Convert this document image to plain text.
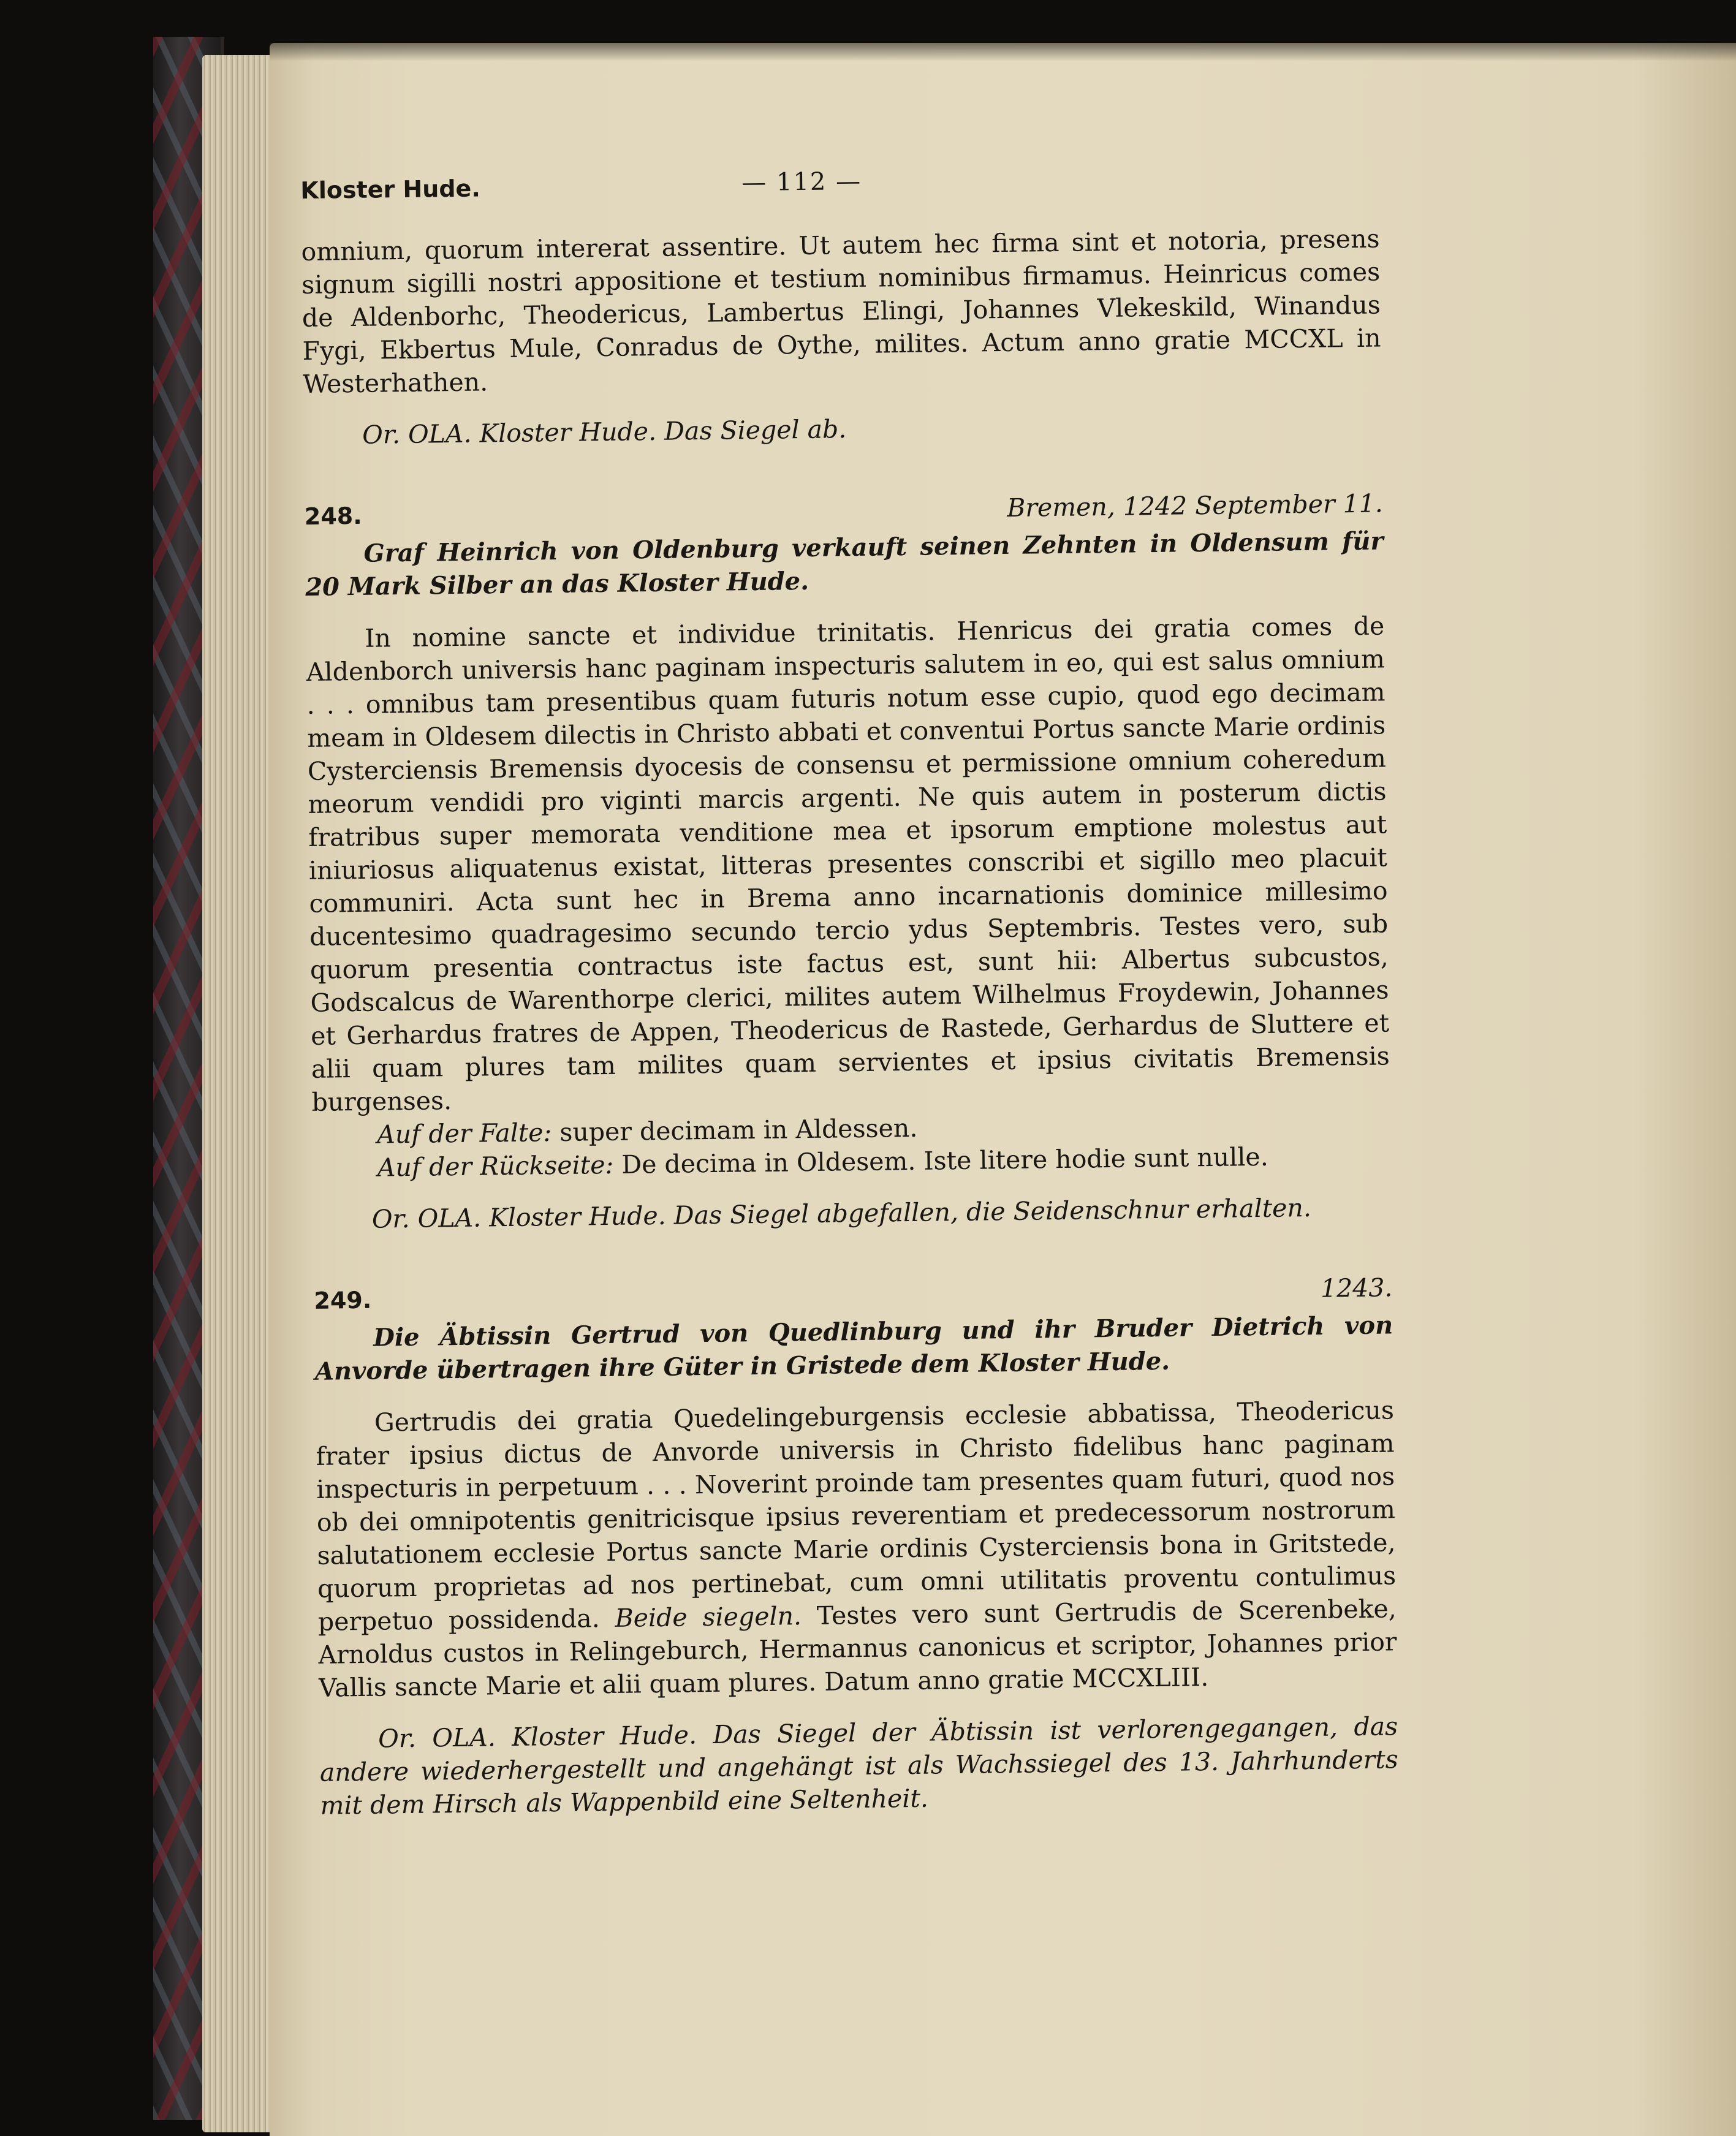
Kloster Hude.	— 112 —

omnium, quorum intererat assentire. Ut autem hec firma sint et notoria, presens signum sigilli nostri appositione et testium nominibus firmamus. Heinricus comes de Aldenborhc, Theodericus, Lambertus Elingi, Johannes Vlekeskild, Winandus Fygi, Ekbertus Mule, Conradus de Oythe, milites. Actum anno gratie MCCXL in Westerhathen.

Or. OLA. Kloster Hude. Das Siegel ab.

248.	Bremen, 1242 September 11.

Graf Heinrich von Oldenburg verkauft seinen Zehnten in Oldensum für 20 Mark Silber an das Kloster Hude.

In nomine sancte et individue trinitatis. Henricus dei gratia comes de Aldenborch universis hanc paginam inspecturis salutem in eo, qui est salus omnium . . . omnibus tam presentibus quam futuris notum esse cupio, quod ego decimam meam in Oldesem dilectis in Christo abbati et conventui Portus sancte Marie ordinis Cysterciensis Bremensis dyocesis de consensu et permissione omnium coheredum meorum vendidi pro viginti marcis argenti. Ne quis autem in posterum dictis fratribus super memorata venditione mea et ipsorum emptione molestus aut iniuriosus aliquatenus existat, litteras presentes conscribi et sigillo meo placuit communiri. Acta sunt hec in Brema anno incarnationis dominice millesimo ducentesimo quadragesimo secundo tercio ydus Septembris. Testes vero, sub quorum presentia contractus iste factus est, sunt hii: Albertus subcustos, Godscalcus de Warenthorpe clerici, milites autem Wilhelmus Froydewin, Johannes et Gerhardus fratres de Appen, Theodericus de Rastede, Gerhardus de Sluttere et alii quam plures tam milites quam servientes et ipsius civitatis Bremensis burgenses.

Auf der Falte: super decimam in Aldessen.

Auf der Rückseite: De decima in Oldesem. Iste litere hodie sunt nulle.

Or. OLA. Kloster Hude. Das Siegel abgefallen, die Seidenschnur erhalten.

249.	1243.

Die Äbtissin Gertrud von Quedlinburg und ihr Bruder Dietrich von Anvorde übertragen ihre Güter in Gristede dem Kloster Hude.

Gertrudis dei gratia Quedelingeburgensis ecclesie abbatissa, Theodericus frater ipsius dictus de Anvorde universis in Christo fidelibus hanc paginam inspecturis in perpetuum . . . Noverint proinde tam presentes quam futuri, quod nos ob dei omnipotentis genitricisque ipsius reverentiam et predecessorum nostrorum salutationem ecclesie Portus sancte Marie ordinis Cysterciensis bona in Gritstede, quorum proprietas ad nos pertinebat, cum omni utilitatis proventu contulimus perpetuo possidenda. Beide siegeln. Testes vero sunt Gertrudis de Scerenbeke, Arnoldus custos in Relingeburch, Hermannus canonicus et scriptor, Johannes prior Vallis sancte Marie et alii quam plures. Datum anno gratie MCCXLIII.

Or. OLA. Kloster Hude. Das Siegel der Äbtissin ist verlorengegangen, das andere wiederhergestellt und angehängt ist als Wachssiegel des 13. Jahrhunderts mit dem Hirsch als Wappenbild eine Seltenheit.
